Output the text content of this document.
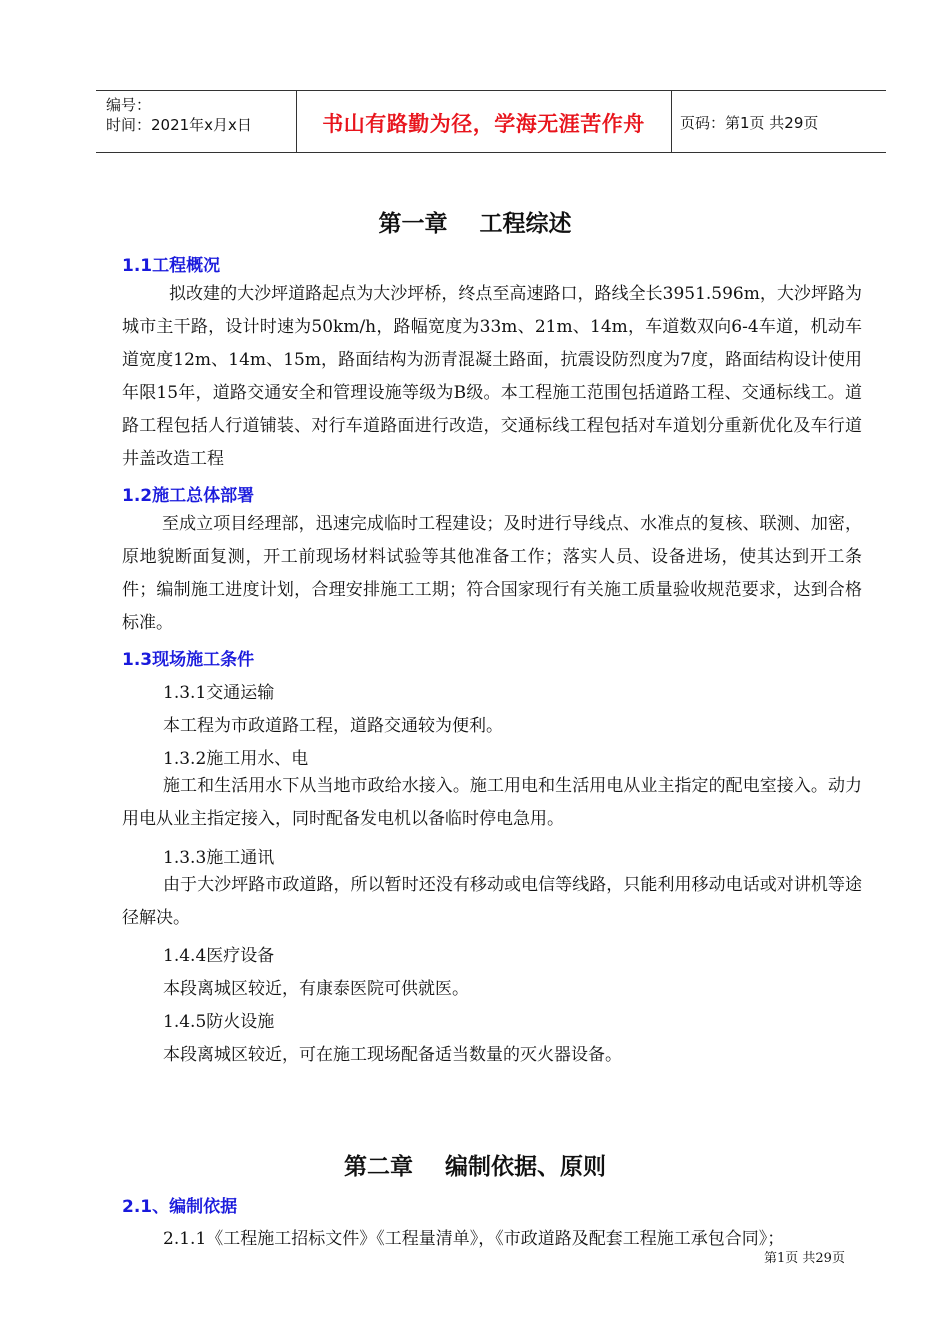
编号：
时间：2021年x月x日	书山有路勤为径，学海无涯苦作舟	页码：第1页 共29页
第一章    工程综述
1.1工程概况
拟改建的大沙坪道路起点为大沙坪桥，终点至高速路口，路线全长3951.596m，大沙坪路为城市主干路，设计时速为50km/h，路幅宽度为33m、21m、14m，车道数双向6-4车道，机动车道宽度12m、14m、15m，路面结构为沥青混凝土路面，抗震设防烈度为7度，路面结构设计使用年限15年，道路交通安全和管理设施等级为B级。本工程施工范围包括道路工程、交通标线工。道路工程包括人行道铺装、对行车道路面进行改造，交通标线工程包括对车道划分重新优化及车行道井盖改造工程
1.2施工总体部署
至成立项目经理部，迅速完成临时工程建设；及时进行导线点、水准点的复核、联测、加密，原地貌断面复测，开工前现场材料试验等其他准备工作；落实人员、设备进场，使其达到开工条件；编制施工进度计划，合理安排施工工期；符合国家现行有关施工质量验收规范要求，达到合格标准。
1.3现场施工条件
1.3.1交通运输
本工程为市政道路工程，道路交通较为便利。
1.3.2施工用水、电
施工和生活用水下从当地市政给水接入。施工用电和生活用电从业主指定的配电室接入。动力用电从业主指定接入，同时配备发电机以备临时停电急用。
1.3.3施工通讯
由于大沙坪路市政道路，所以暂时还没有移动或电信等线路，只能利用移动电话或对讲机等途径解决。
1.4.4医疗设备
本段离城区较近，有康泰医院可供就医。
1.4.5防火设施
本段离城区较近，可在施工现场配备适当数量的灭火器设备。
第二章    编制依据、原则
2.1、编制依据
2.1.1《工程施工招标文件》《工程量清单》，《市政道路及配套工程施工承包合同》；
第1页 共29页
